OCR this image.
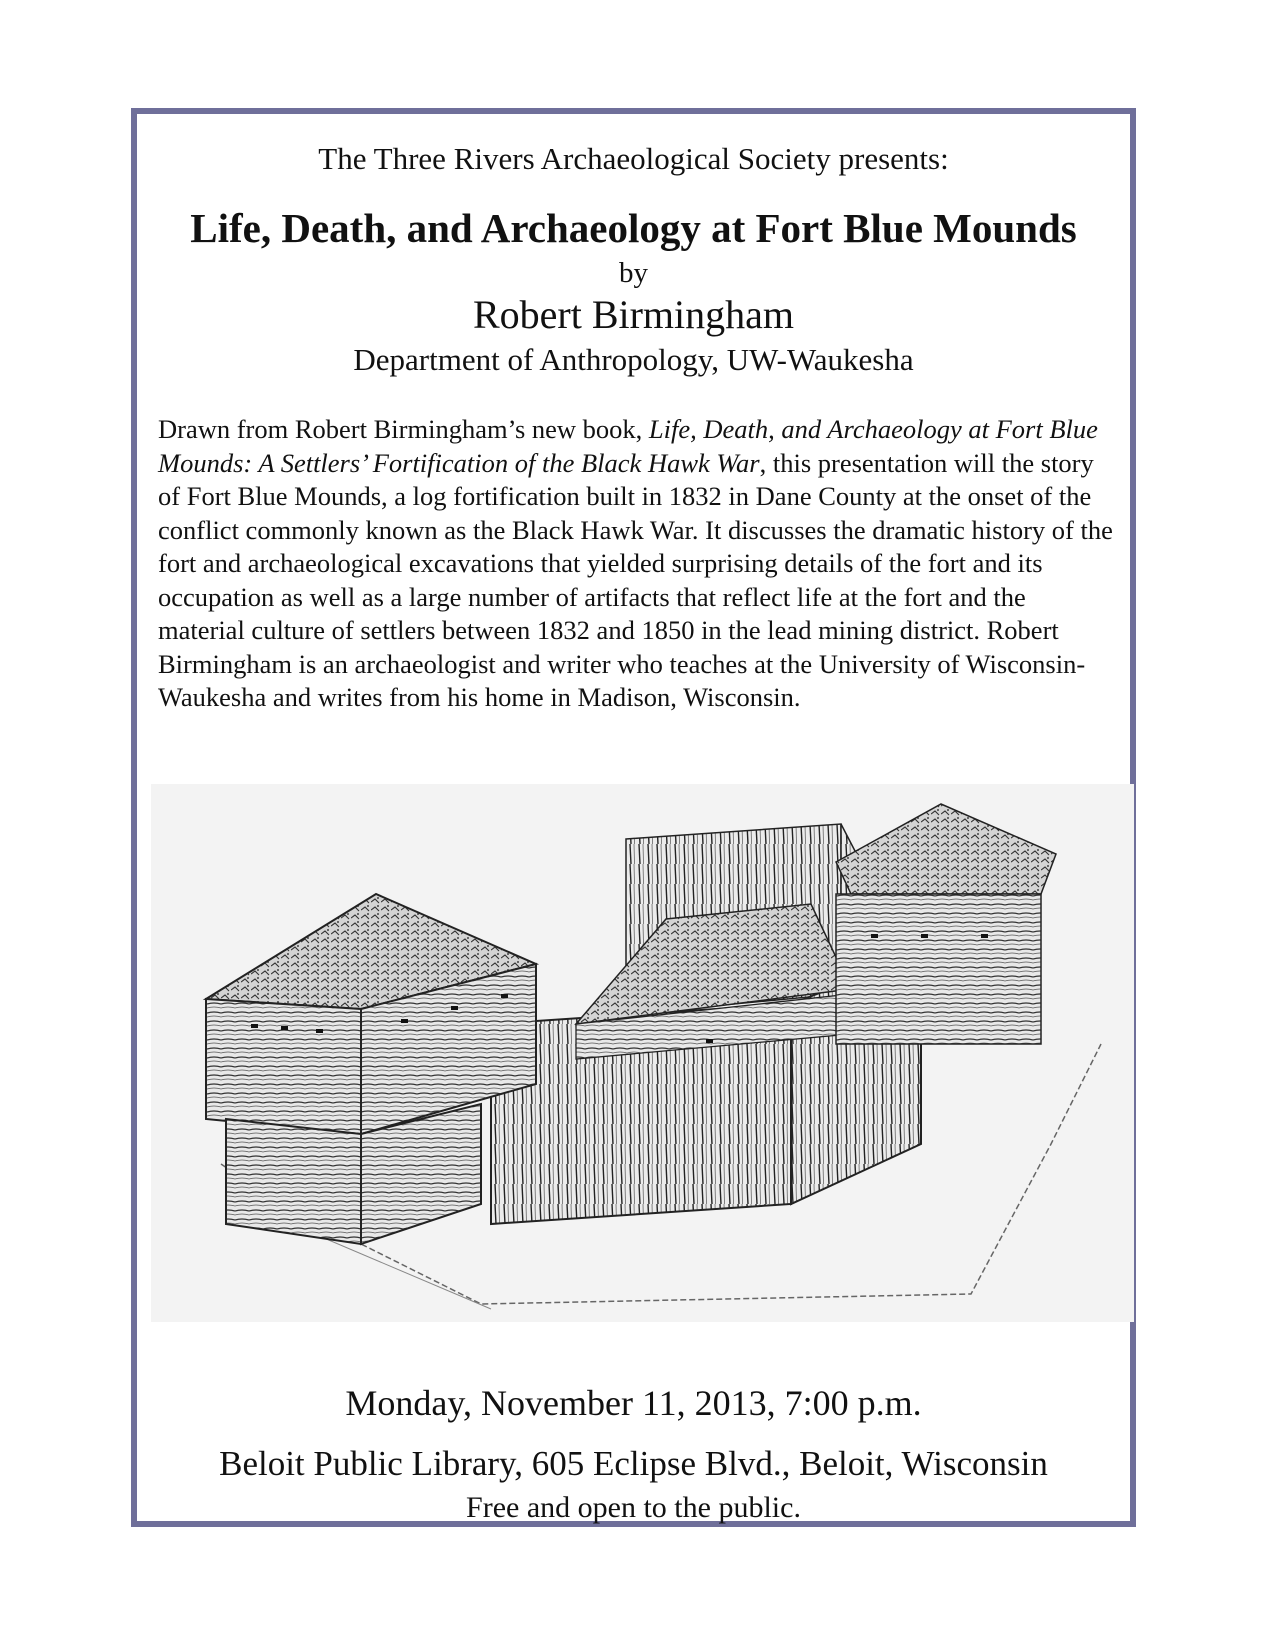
The Three Rivers Archaeological Society presents:
Life, Death, and Archaeology at Fort Blue Mounds
by
Robert Birmingham
Department of Anthropology, UW-Waukesha
Drawn from Robert Birmingham’s new book, Life, Death, and Archaeology at Fort Blue Mounds: A Settlers’ Fortification of the Black Hawk War, this presentation will the story of Fort Blue Mounds, a log fortification built in 1832 in Dane County at the onset of the conflict commonly known as the Black Hawk War. It discusses the dramatic history of the fort and archaeological excavations that yielded surprising details of the fort and its occupation as well as a large number of artifacts that reflect life at the fort and the material culture of settlers between 1832 and 1850 in the lead mining district. Robert Birmingham is an archaeologist and writer who teaches at the University of Wisconsin-Waukesha and writes from his home in Madison, Wisconsin.
Monday, November 11, 2013, 7:00 p.m.
Beloit Public Library, 605 Eclipse Blvd., Beloit, Wisconsin
Free and open to the public.
